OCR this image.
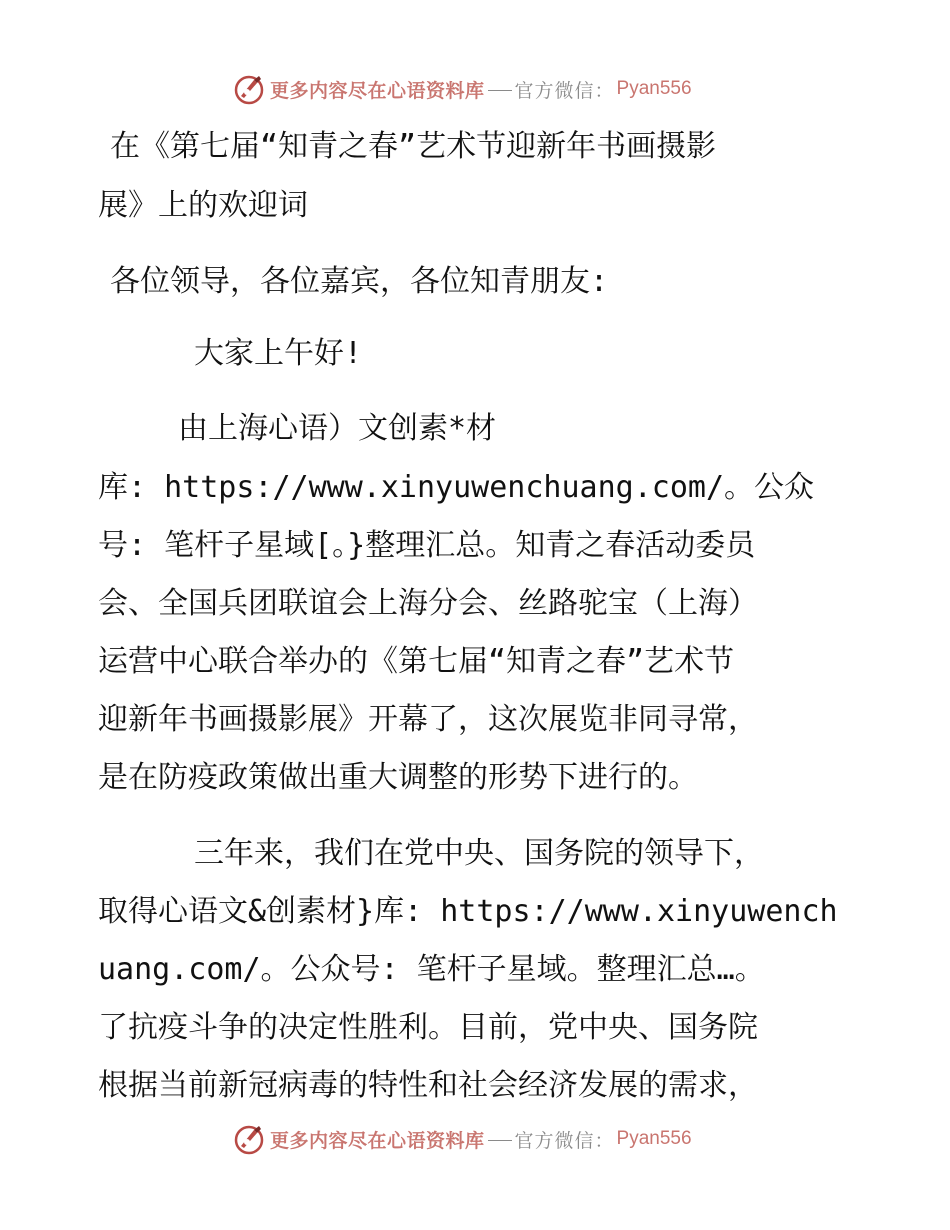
更多内容尽在心语资料库 官方微信： Pyan556
在《第七届“知青之春”艺术节迎新年书画摄影
展》上的欢迎词
各位领导，各位嘉宾，各位知青朋友:
大家上午好!
由上海心语）文创素*材
库: https://www.xinyuwenchuang.com/。公众
号: 笔杆子星域[。}整理汇总。知青之春活动委员
会、全国兵团联谊会上海分会、丝路驼宝（上海）
运营中心联合举办的《第七届“知青之春”艺术节
迎新年书画摄影展》开幕了，这次展览非同寻常，
是在防疫政策做出重大调整的形势下进行的。
三年来，我们在党中央、国务院的领导下，
取得心语文&创素材}库: https://www.xinyuwench
uang.com/。公众号: 笔杆子星域。整理汇总…。
了抗疫斗争的决定性胜利。目前，党中央、国务院
根据当前新冠病毒的特性和社会经济发展的需求，
更多内容尽在心语资料库 官方微信： Pyan556
